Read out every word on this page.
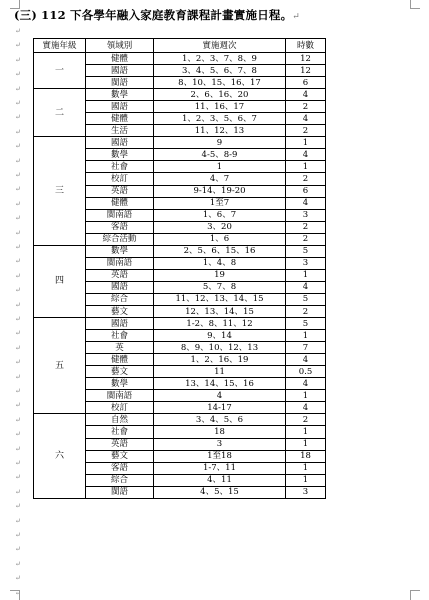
(三) 112 下各學年融入家庭教育課程計畫實施日程。↵
↵
↵
↵
↵
↵
↵
↵
↵
↵
↵
↵
↵
↵
↵
↵
↵
↵
↵
↵
↵
↵
↵
↵
↵
↵
↵
↵
↵
↵
↵
↵
↵
↵
↵
↵
↵
↵
↵
↵
↵
實施年級	領域別	實施週次	時數
一	健體	1、2、3、7、8、9	12
	國語	3、4、5、6、7、8	12
	閩語	8、10、15、16、17	6
二	數學	2、6、16、20	4
	國語	11、16、17	2
	健體	1、2、3、5、6、7	4
	生活	11、12、13	2
三	國語	9	1
	數學	4-5、8-9	4
	社會	1	1
	校訂	4、7	2
	英語	9-14、19-20	6
	健體	1至7	4
	閩南語	1、6、7	3
	客語	3、20	2
	綜合活動	1、6	2
四	數學	2、5、6、15、16	5
	閩南語	1、4、8	3
	英語	19	1
	國語	5、7、8	4
	綜合	11、12、13、14、15	5
	藝文	12、13、14、15	2
五	國語	1-2、8、11、12	5
	社會	9、14	1
	英	8、9、10、12、13	7
	健體	1、2、16、19	4
	藝文	11	0.5
	數學	13、14、15、16	4
	閩南語	4	1
	校訂	14-17	4
六	自然	3、4、5、6	2
	社會	18	1
	英語	3	1
	藝文	1至18	18
	客語	1-7、11	1
	綜合	4、11	1
	閩語	4、5、15	3
